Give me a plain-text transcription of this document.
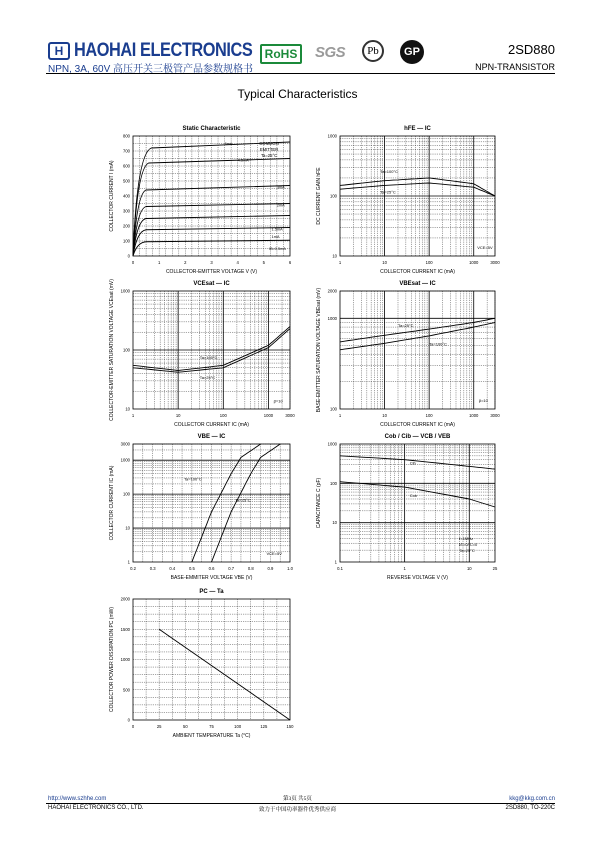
H HAOHAI ELECTRONICS
NPN, 3A, 60V 高压开关三极管产品参数规格书
RoHS	SGS	Pb	GP	2SD880
NPN-TRANSISTOR
Typical Characteristics
Static Characteristic
0	1	2	3	4	5	6
0
100
200
300
400
500
600
700
800
COLLECTOR-EMITTER VOLTAGE V (V)
COLLECTOR CURRENT I (mA)
6mA
4.5mA
3mA
2mA
1.5mA
1mA
IB=0.5mA
COMMON
EMITTER
Ta=25°C
hFE — IC
1	10	100	1000	3000
10
100
1000
COLLECTOR CURRENT IC (mA)
DC CURRENT GAIN hFE	Ta=100°C
Ta=25°C
VCE=5V
VCEsat — IC
1	10	100	1000	3000
1000
100
10
COLLECTOR CURRENT IC (mA)
COLLECTOR-EMITTER SATURATION VOLTAGE VCEsat (mV)	Ta=100°C
Ta=25°C
β=10
VBEsat — IC
1	10	100	1000	3000
2000
1000
100
COLLECTOR CURRENT IC (mA)
BASE-EMITTER SATURATION VOLTAGE VBEsat (mV)	Ta=25°C
Ta=100°C
β=10
VBE — IC
0.2	0.3	0.4	0.5	0.6	0.7	0.8	0.9	1.0
3000
1000
100
10
1
BASE-EMMITER VOLTAGE VBE (V)
COLLECTOR CURRENT IC (mA)	Ta=100°C
Ta=25°C
VCE=5V
Cob / Cib — VCB / VEB
0.1	1	10	25
1000
100
10
1
REVERSE VOLTAGE V (V)
CAPACITANCE C (pF)
Cib
Cob
f=1MHz
IE=0/IC=0
Ta=25°C
PC — Ta
0	25	50	75	100	125	150
2000
1500
1000
500
0
AMBIENT TEMPERATURE Ta (°C)
COLLECTOR POWER DISSIPATION PC (mW)
http://www.szhhe.com	kkg@kkg.com.cn
HAOHAI ELECTRONICS CO., LTD.
第3页 共5页
致力于中国功率器件优秀供应商	2SD880, TO-220C
